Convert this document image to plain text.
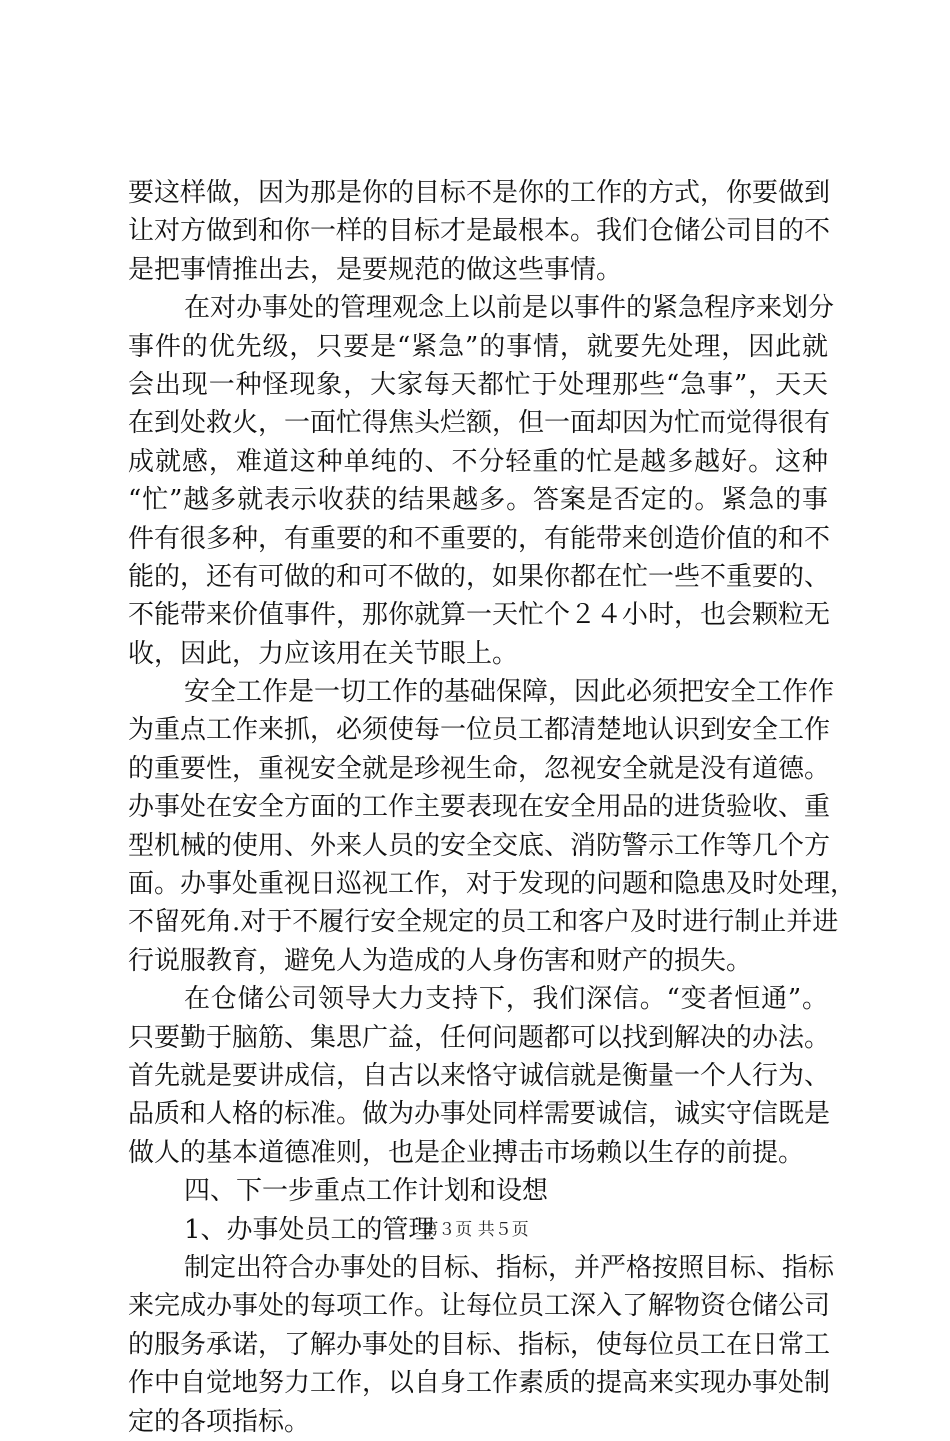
要这样做，因为那是你的目标不是你的工作的方式，你要做到
让对方做到和你一样的目标才是最根本。我们仓储公司目的不
是把事情推出去，是要规范的做这些事情。
在对办事处的管理观念上以前是以事件的紧急程序来划分
事件的优先级，只要是“紧急”的事情，就要先处理，因此就
会出现一种怪现象，大家每天都忙于处理那些“急事”，天天
在到处救火，一面忙得焦头烂额，但一面却因为忙而觉得很有
成就感，难道这种单纯的、不分轻重的忙是越多越好。这种
“忙”越多就表示收获的结果越多。答案是否定的。紧急的事
件有很多种，有重要的和不重要的，有能带来创造价值的和不
能的，还有可做的和可不做的，如果你都在忙一些不重要的、
不能带来价值事件，那你就算一天忙个２４小时，也会颗粒无
收，因此，力应该用在关节眼上。
安全工作是一切工作的基础保障，因此必须把安全工作作
为重点工作来抓，必须使每一位员工都清楚地认识到安全工作
的重要性，重视安全就是珍视生命，忽视安全就是没有道德。
办事处在安全方面的工作主要表现在安全用品的进货验收、重
型机械的使用、外来人员的安全交底、消防警示工作等几个方
面。办事处重视日巡视工作，对于发现的问题和隐患及时处理，
不留死角.对于不履行安全规定的员工和客户及时进行制止并进
行说服教育，避免人为造成的人身伤害和财产的损失。
在仓储公司领导大力支持下，我们深信。“变者恒通”。
只要勤于脑筋、集思广益，任何问题都可以找到解决的办法。
首先就是要讲成信，自古以来恪守诚信就是衡量一个人行为、
品质和人格的标准。做为办事处同样需要诚信，诚实守信既是
做人的基本道德准则，也是企业搏击市场赖以生存的前提。
四、下一步重点工作计划和设想
1、办事处员工的管理
制定出符合办事处的目标、指标，并严格按照目标、指标
来完成办事处的每项工作。让每位员工深入了解物资仓储公司
的服务承诺，了解办事处的目标、指标，使每位员工在日常工
作中自觉地努力工作，以自身工作素质的提高来实现办事处制
定的各项指标。
第３页 共５页
